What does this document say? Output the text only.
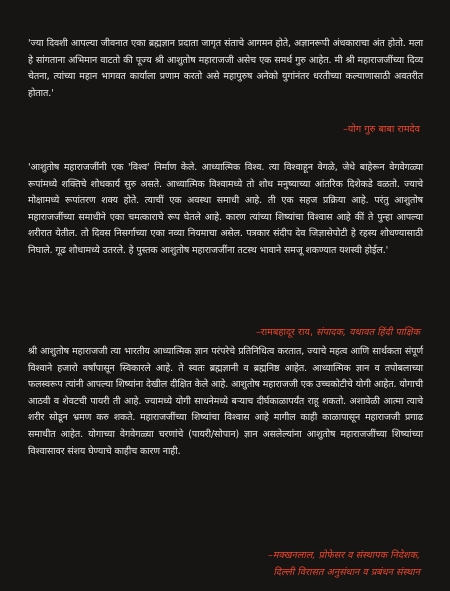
'ज्या दिवशी आपल्या जीवनात एका ब्रह्मज्ञान प्रदाता जागृत संताचे आगमन होते, अज्ञानरूपी अंधकाराचा अंत होतो. मला हे सांगताना अभिमान वाटतो की पूज्य श्री आशुतोष महाराजजी असेच एक समर्थ गुरु आहेत. मी श्री महाराजजींच्या दिव्य चेतना, त्यांच्या महान भागवत कार्याला प्रणाम करतो असे महापुरुष अनेको युगांनंतर धरतीच्या कल्याणासाठी अवतरीत होतात.'
–योग गुरु बाबा रामदेव
'आशुतोष महाराजजींनी एक 'विश्व' निर्माण केले. आध्यात्मिक विश्व. त्या विश्वाहून वेगळे, जेथे बाहेरून वेगवेगळ्या रूपांमध्ये शक्तिचे शोधकार्य सुरु असते. आध्यात्मिक विश्वामध्ये तो शोध मनुष्याच्या आंतरिक दिशेकडे वळतो. ज्याचे मोक्षामध्ये रूपांतरण शक्य होते. त्याचीं एक अवस्था समाधी आहे. ती एक सहज प्रक्रिया आहे. परंतु आशुतोष महाराजजींच्या समाधीने एका चमत्काराचे रूप घेतले आहे. कारण त्यांच्या शिष्यांचा विश्वास आहे कीं ते पुन्हा आपल्या शरीरात येतील. तो दिवस निसर्गाच्या एका नव्या नियमाचा असेल. पत्रकार संदीप देव जिज्ञासेपोटी हे रहस्य शोधण्यासाठी निघाले. गूढ शोधामध्ये उतरले. हे पुस्तक आशुतोष महाराजजींना तटस्थ भावाने समजू शकण्यात यशस्वी होईल.'
–रामबहादूर राय, संपादक, यथावत हिंदी पाक्षिक
श्री आशुतोष महाराजजी त्या भारतीय आध्यात्मिक ज्ञान परंपरेचे प्रतिनिधित्व करतात, ज्याचे महत्व आणि सार्थकता संपूर्ण विश्वाने हजारो वर्षांपासून स्विकारले आहे. ते स्वतः ब्रह्मज्ञानी व ब्रह्मनिष्ठ आहेत. आध्यात्मिक ज्ञान व तपोबलाच्या फलस्वरूप त्यांनी आपल्या शिष्यांना देखील दीक्षित केले आहे. आशुतोष महाराजजी एक उच्चकोटीचे योगी आहेत. योगाची आठवी व शेवटची पायरी ती आहे. ज्यामध्ये योगी साधनेमध्ये बऱ्याच दीर्घकाळापर्यंत राहू शकतो. अशावेळी आत्मा त्याचे शरीर सोडून भ्रमण करु शकते. महाराजजींच्या शिष्यांचा विश्वास आहे मागील काही काळापासून महाराजजी प्रगाढ समाधीत आहेत. योगाच्या वेगवेगळ्या चरणांचे (पायरी/सोपान) ज्ञान असलेल्यांना आशुतोष महाराजजींच्या शिष्यांच्या विश्वासावर संशय घेण्याचे काहीच कारण नाही.
–मक्खनलाल, प्रोफेसर व संस्थापक निदेशक,
दिल्ली विरासत अनुसंधान व प्रबंधन संस्थान
